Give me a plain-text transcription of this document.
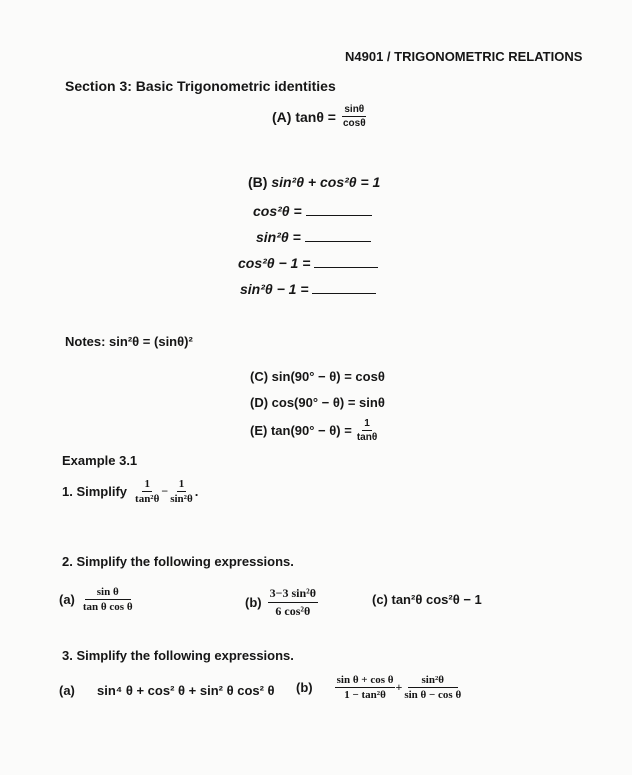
N4901 / TRIGONOMETRIC RELATIONS
Section 3: Basic Trigonometric identities
(A) $\tan\theta = \frac{\sin\theta}{\cos\theta}$
(B) sin²θ + cos²θ = 1
cos²θ =
sin²θ =
cos²θ − 1 =
sin²θ − 1 =
Notes: sin²θ = (sinθ)²
(C) sin(90° − θ) = cosθ
(D) cos(90° − θ) = sinθ
(E) $\tan(90^\circ - \theta) = \frac{1}{\tan\theta}$
Example 3.1
1. Simplify $\frac{1}{\text{tan²θ}} - \frac{1}{\text{sin²θ}}$ .
2. Simplify the following expressions.
$(a) \frac{\text{sin θ}}{\text{tan θ cos θ}}$	$(b) \frac{\text{3−3 sin²θ}}{\text{6 cos²θ}}$	(c) tan²θ cos²θ − 1
3. Simplify the following expressions.
(a) sin⁴ θ + cos² θ + sin² θ cos² θ $(b) \frac{\text{sin θ + cos θ}}{\text{1 − tan²θ}} + \frac{\text{sin²θ}}{\text{sin θ − cos θ}}$
